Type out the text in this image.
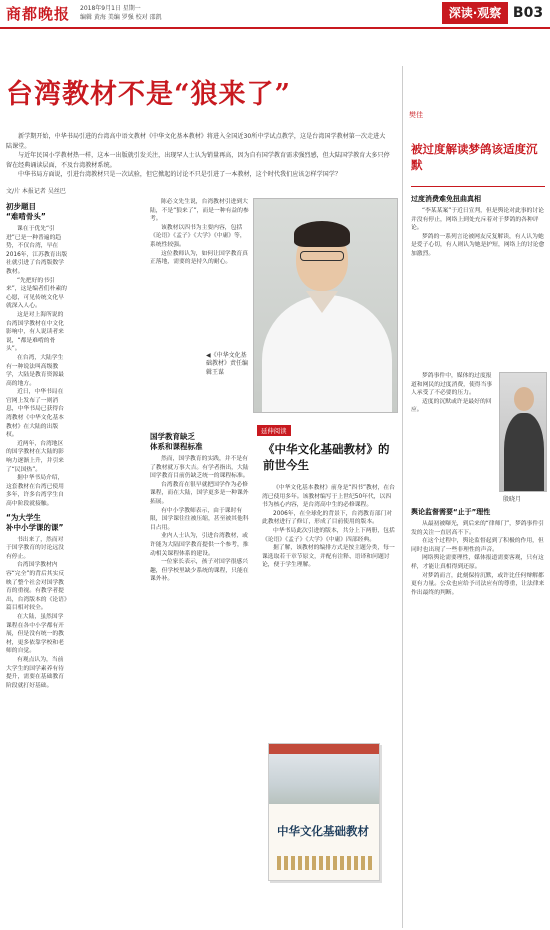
商都晚报 2018年9月1日 星期一
编辑 黄海 美编 罗强 校对 邵凯	深读·观察 B03
台湾教材不是“狼来了”

新学期开始，中华书局引进的台湾高中语文教材《中华文化基本教材》将进入全国近30所中学试点教学，这是台湾国学教材第一次走进大陆课堂。

与近年民国小学教材热一样，这本一出版就引发关注，出现罕人士认为销量再高，因为自有国学教育需求强烈感，但大陆国学教育大多只停留在经典诵读层面，不及台湾教材系统。

中华书局方面说，引进台湾教材只是一次试验，但它掀起的讨论不只是引进了一本教材，这个时代我们应该怎样学国学？

文/片 本报记者 吴丝巴
初步题目
“难啃骨头”

课在于优先“引进”已是一种普遍的趋势，不仅台湾，早在2016年，江苏教育出版社就引进了台湾版数学教材。

“先把好的书引来”，这是编者们朴素的心愿，可见传统文化早就深入人心。

这是对上海所说的台湾国学教材在中文化影响中，有人说读者来说，“都是难啃的骨头”。

在台湾，大陆学生有一种说法叫高级教学，大陆是教育资源最高的地方。

近日，中华书局在官网上发布了一则消息，中华书局已获得台湾教材《中华文化基本教材》在大陆的出版权。

近两年，台湾地区的国学教材在大陆的影响力逐渐上升，并引来了“民国热”。

据中华书局介绍，这套教材在台湾已使用多年，许多台湾学生自高中阶段就接触。

“为大学生
补中小学课的课”

书出来了，然而对于国学教育的讨论远没有停止。

台湾国学教材内容“完全”的背后其实反映了整个社会对国学教育的重视。有教学者提出，台湾版本的《论语》篇目相对较全。

在大陆，虽然国学课程在各中小学都有开展，但是没有统一的教材，更多依靠学校和老师的自觉。

有观点认为，当前大学生的国学素养有待提升，需要在基础教育阶段就打好基础。

陈必文先生说，台湾教材引进到大陆，不是“狼来了”，而是一种有益的参考。

该教材以四书为主要内容，包括《论语》《孟子》《大学》《中庸》等，系统性较强。

这位教师认为，如何让国学教育真正落地，需要的是持久的耐心。

◀《中华文化基础教材》责任编辑王谋
国学教育缺乏
体系和课程标准

然而，国学教育的实践，并不是有了教材就万事大吉。有学者指出，大陆国学教育目前仍缺乏统一的课程标准。

台湾教育在很早就把国学作为必修课程，而在大陆，国学更多是一种课外拓展。

有中小学教师表示，由于课时有限，国学课往往被压缩，甚至被其他科目占用。

业内人士认为，引进台湾教材，或许能为大陆国学教育提供一个参考，推动相关课程体系的建设。

一位家长表示，孩子对国学很感兴趣，但学校里缺少系统的课程，只能在课外补。

延伸阅读
《中华文化基础教材》的前世今生

《中华文化基本教材》前身是“四书”教材，在台湾已使用多年。该教材编写于上世纪50年代，以四书为核心内容，是台湾高中生的必修课程。

2006年，在全球化的背景下，台湾教育部门对此教材进行了修订，形成了目前使用的版本。

中华书局此次引进的版本，共分上下两册，包括《论语》《孟子》《大学》《中庸》四部经典。

据了解，该教材的编排方式是按主题分类，每一课选取若干章节原文，并配有注释、语译和问题讨论，便于学生理解。

中华文化基础教材
樊佳
被过度解读梦鸽该适度沉默
过度消费难免扭曲真相

“李某某案”于近日宣判，但是舆论对此事的讨论并没有停止，网络上到处充斥着对于梦鸽的各种评论。

梦鸽的一系列言论被网友反复解读，有人认为她是爱子心切，有人则认为她是护短，网络上的讨论愈加激烈。

梦鸽事件中，媒体的过度报道和网民的过度消费，使得当事人承受了不必要的压力。

适度的沉默或许是最好的回应。

殷晓月
舆论监督需要“止于”理性

从最初被曝光，到后来的“律师门”，梦鸽事件引发的关注一直居高不下。

在这个过程中，舆论监督起到了积极的作用，但同时也出现了一些非理性的声音。

网络舆论需要理性，媒体报道需要客观，只有这样，才能让真相得到还原。

对梦鸽而言，此刻保持沉默，或许比任何辩解都更有力量。公众也应给予司法应有的尊重，让法律来作出最终的判断。
